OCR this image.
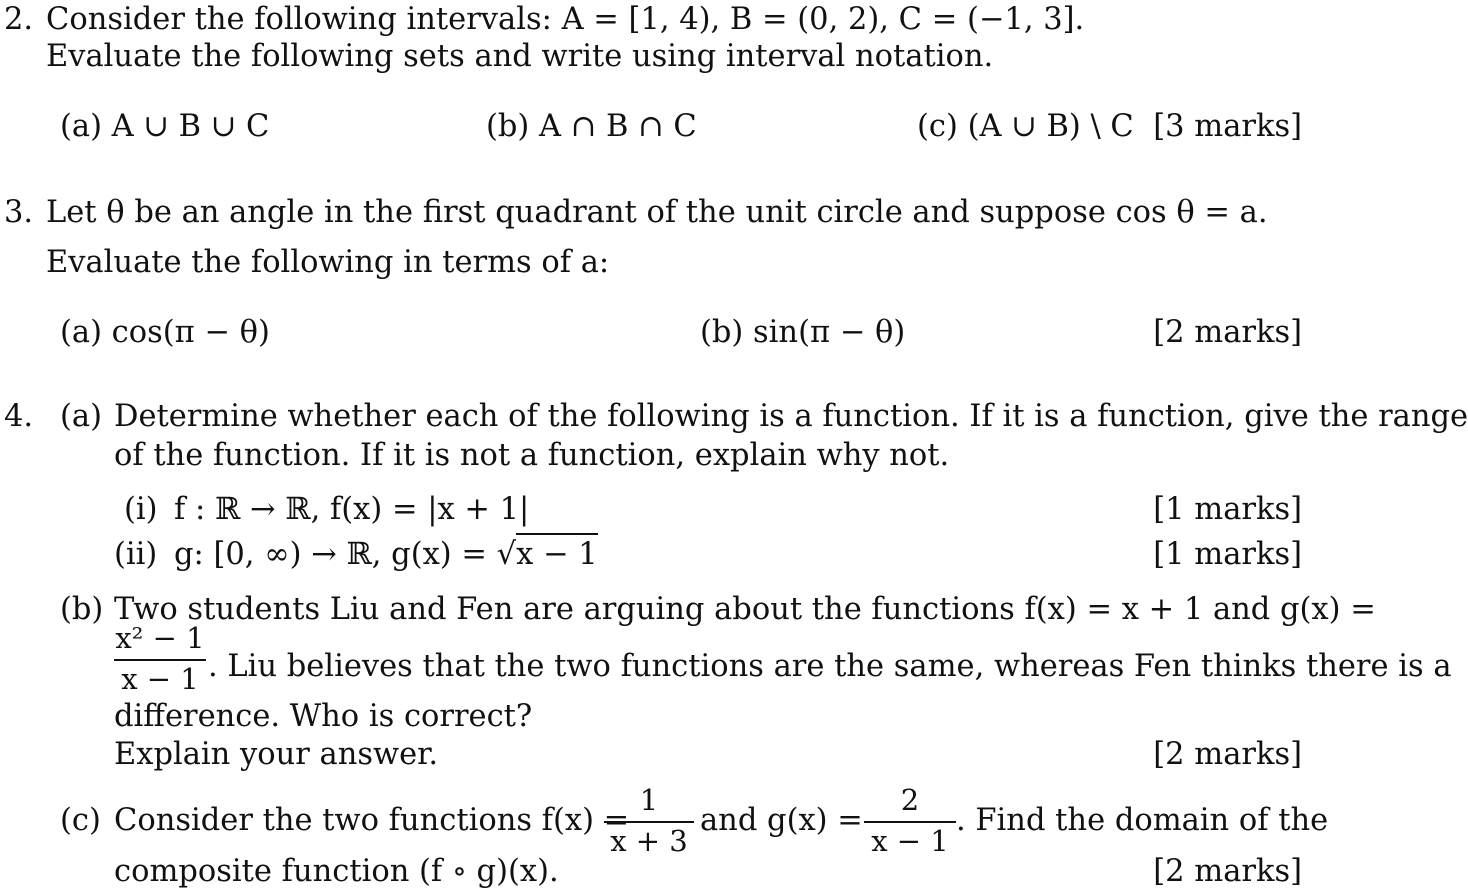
2. Consider the following intervals: A = [1, 4), B = (0, 2), C = (−1, 3].
Evaluate the following sets and write using interval notation.
(a) A ∪ B ∪ C	(b) A ∩ B ∩ C	(c) (A ∪ B) \ C [3 marks]
3. Let θ be an angle in the first quadrant of the unit circle and suppose cos θ = a.
Evaluate the following in terms of a:
(a) cos(π − θ)	(b) sin(π − θ)	[2 marks]
4. (a) Determine whether each of the following is a function. If it is a function, give the range
of the function. If it is not a function, explain why not.
(i) f : ℝ → ℝ, f(x) = |x + 1|	[1 marks]
(ii) g: [0, ∞) → ℝ, g(x) = √x − 1	[1 marks]
(b) Two students Liu and Fen are arguing about the functions f(x) = x + 1 and g(x) =
x² − 1
x − 1 . Liu believes that the two functions are the same, whereas Fen thinks there is a
difference. Who is correct?
Explain your answer.	[2 marks]
(c) Consider the two functions f(x) =
1
x + 3
and g(x) =
2
x − 1
. Find the domain of the
composite function (f ∘ g)(x).	[2 marks]
